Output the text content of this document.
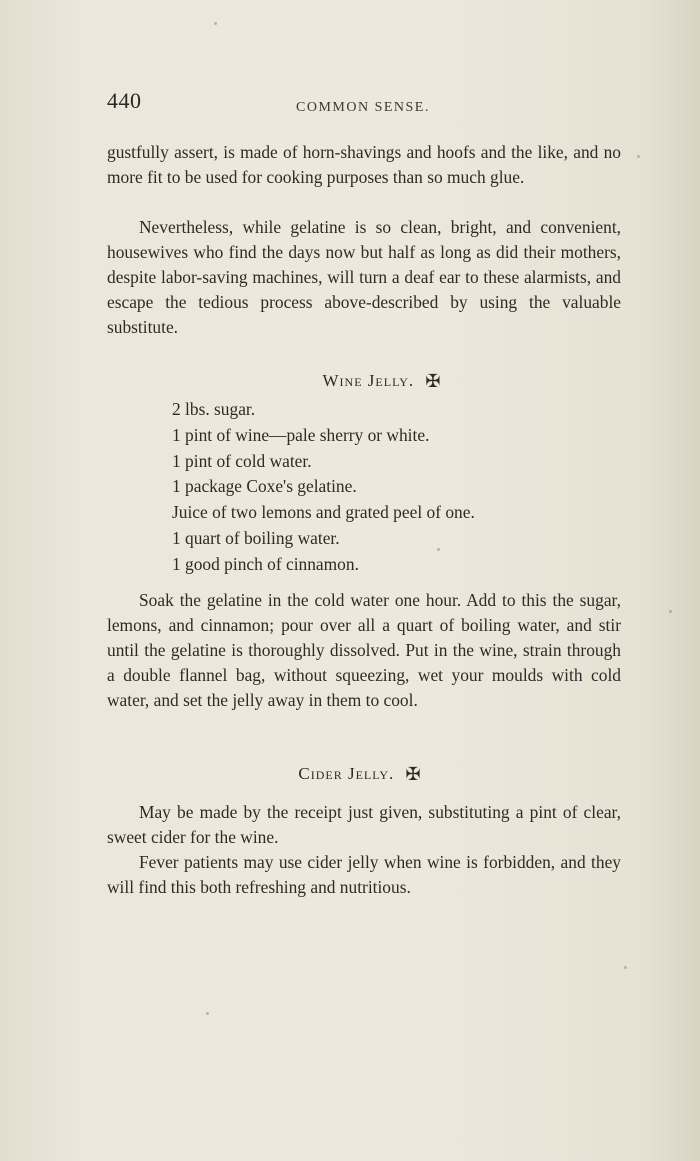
440	COMMON SENSE.

gustfully assert, is made of horn-shavings and hoofs and the like, and no more fit to be used for cooking purposes than so much glue.

Nevertheless, while gelatine is so clean, bright, and convenient, housewives who find the days now but half as long as did their mothers, despite labor-saving machines, will turn a deaf ear to these alarmists, and escape the tedious process above-described by using the valuable substitute.

Wine Jelly. ✠
2 lbs. sugar.
1 pint of wine—pale sherry or white.
1 pint of cold water.
1 package Coxe's gelatine.
Juice of two lemons and grated peel of one.
1 quart of boiling water.
1 good pinch of cinnamon.

Soak the gelatine in the cold water one hour. Add to this the sugar, lemons, and cinnamon; pour over all a quart of boiling water, and stir until the gelatine is thoroughly dissolved. Put in the wine, strain through a double flannel bag, without squeezing, wet your moulds with cold water, and set the jelly away in them to cool.

Cider Jelly. ✠

May be made by the receipt just given, substituting a pint of clear, sweet cider for the wine.

Fever patients may use cider jelly when wine is forbidden, and they will find this both refreshing and nutritious.
